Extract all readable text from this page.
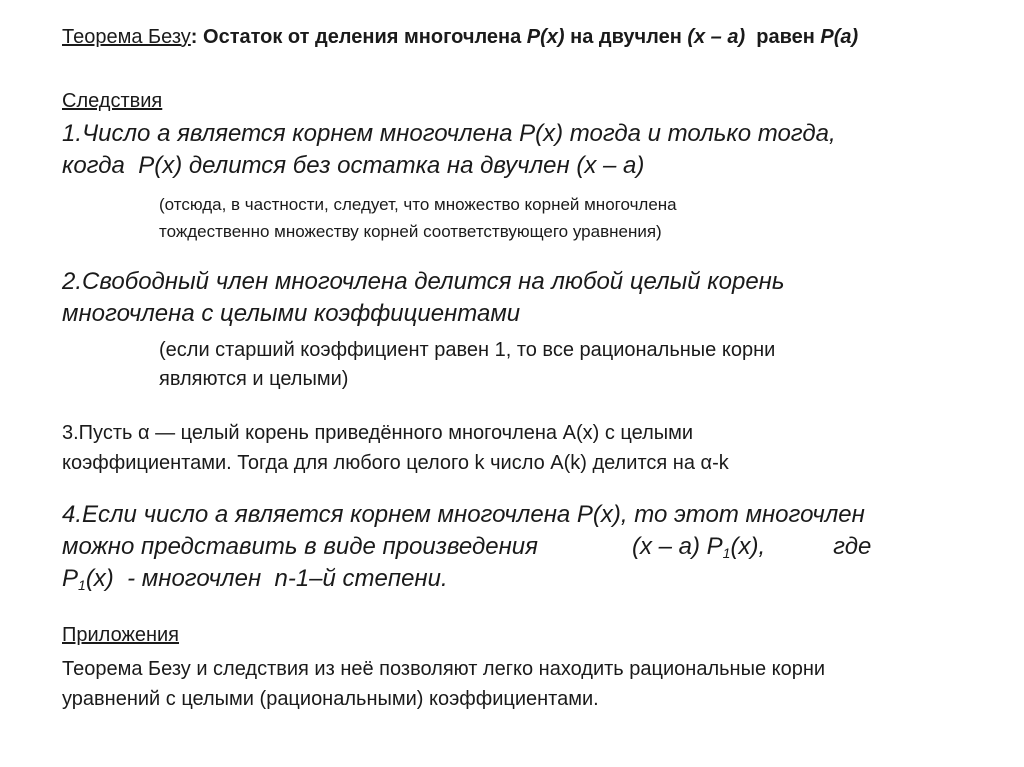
Теорема Безу: Остаток от деления многочлена P(x) на двучлен (x – a)  равен P(a)

Следствия

1.Число a является корнем многочлена P(x) тогда и только тогда,
когда  P(x) делится без остатка на двучлен (x – a)
(отсюда, в частности, следует, что множество корней многочлена
тождественно множеству корней соответствующего уравнения)
2.Свободный член многочлена делится на любой целый корень
многочлена с целыми коэффициентами
(если старший коэффициент равен 1, то все рациональные корни
являются и целыми)
3.Пусть α — целый корень приведённого многочлена A(x) с целыми
коэффициентами. Тогда для любого целого k число A(k) делится на α-k
4.Если число a является корнем многочлена P(x), то этот многочлен
можно представить в виде произведения	(x – a) $P_1(x)$,	где
$P_1(x)$  - многочлен  n-1–й степени.

Приложения

Теорема Безу и следствия из неё позволяют легко находить рациональные корни
уравнений с целыми (рациональными) коэффициентами.
